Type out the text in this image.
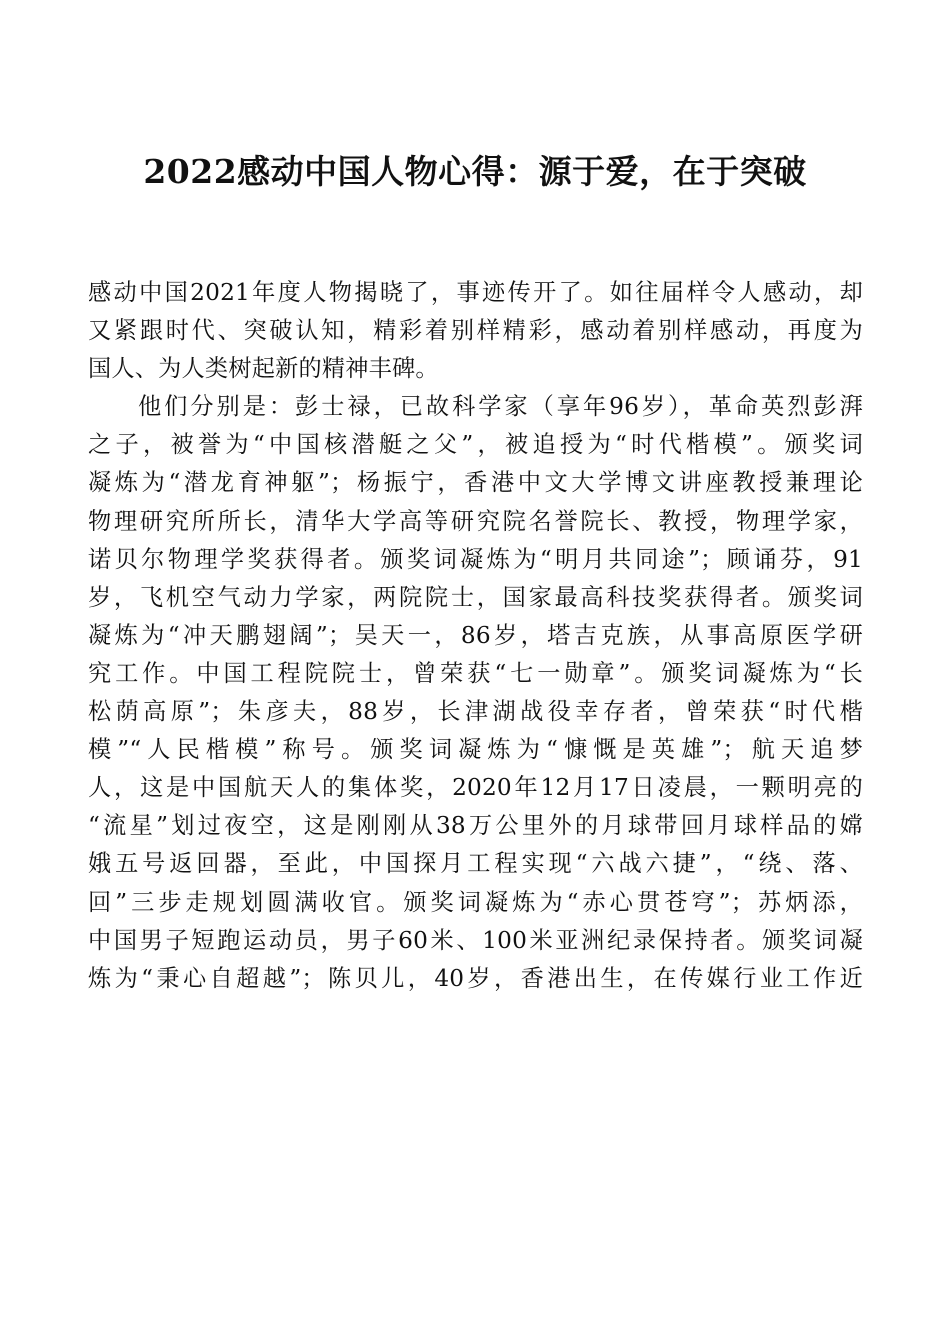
2022感动中国人物心得：源于爱，在于突破
感动中国2021年度人物揭晓了，事迹传开了。如往届样令人感动，却
又紧跟时代、突破认知，精彩着别样精彩，感动着别样感动，再度为
国人、为人类树起新的精神丰碑。
他们分别是：彭士禄，已故科学家（享年96岁），革命英烈彭湃
之子，被誉为“中国核潜艇之父”，被追授为“时代楷模”。颁奖词
凝炼为“潜龙育神躯”；杨振宁，香港中文大学博文讲座教授兼理论
物理研究所所长，清华大学高等研究院名誉院长、教授，物理学家，
诺贝尔物理学奖获得者。颁奖词凝炼为“明月共同途”；顾诵芬，91
岁，飞机空气动力学家，两院院士，国家最高科技奖获得者。颁奖词
凝炼为“冲天鹏翅阔”；吴天一，86岁，塔吉克族，从事高原医学研
究工作。中国工程院院士，曾荣获“七一勋章”。颁奖词凝炼为“长
松荫高原”；朱彦夫，88岁，长津湖战役幸存者，曾荣获“时代楷
模”“人民楷模”称号。颁奖词凝炼为“慷慨是英雄”；航天追梦
人，这是中国航天人的集体奖，2020年12月17日凌晨，一颗明亮的
“流星”划过夜空，这是刚刚从38万公里外的月球带回月球样品的嫦
娥五号返回器，至此，中国探月工程实现“六战六捷”，“绕、落、
回”三步走规划圆满收官。颁奖词凝炼为“赤心贯苍穹”；苏炳添，
中国男子短跑运动员，男子60米、100米亚洲纪录保持者。颁奖词凝
炼为“秉心自超越”；陈贝儿，40岁，香港出生，在传媒行业工作近
